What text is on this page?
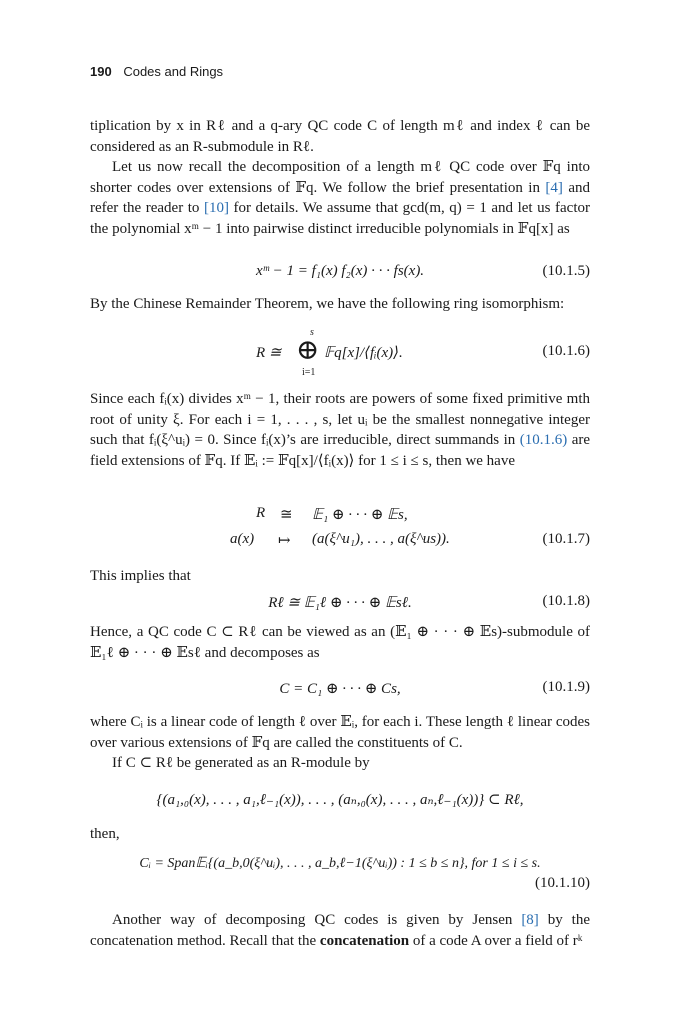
190 Codes and Rings
tiplication by x in Rℓ and a q-ary QC code C of length mℓ and index ℓ can be considered as an R-submodule in Rℓ.
Let us now recall the decomposition of a length mℓ QC code over 𝔽q into shorter codes over extensions of 𝔽q. We follow the brief presentation in [4] and refer the reader to [10] for details. We assume that gcd(m, q) = 1 and let us factor the polynomial xᵐ − 1 into pairwise distinct irreducible polynomials in 𝔽q[x] as
xᵐ − 1 = f₁(x) f₂(x) · · · fs(x).	(10.1.5)
By the Chinese Remainder Theorem, we have the following ring isomorphism:
R ≅
s
⊕
i=1
𝔽q[x]/⟨fᵢ(x)⟩.	(10.1.6)
Since each fᵢ(x) divides xᵐ − 1, their roots are powers of some fixed primitive mth root of unity ξ. For each i = 1, . . . , s, let uᵢ be the smallest nonnegative integer such that fᵢ(ξ^uᵢ) = 0. Since fᵢ(x)’s are irreducible, direct summands in (10.1.6) are field extensions of 𝔽q. If 𝔼ᵢ := 𝔽q[x]/⟨fᵢ(x)⟩ for 1 ≤ i ≤ s, then we have
R ≅ 𝔼₁ ⊕ · · · ⊕ 𝔼s,
a(x) ↦ (a(ξ^u₁), . . . , a(ξ^us)).	(10.1.7)
This implies that
Rℓ ≅ 𝔼₁ℓ ⊕ · · · ⊕ 𝔼sℓ.	(10.1.8)
Hence, a QC code C ⊂ Rℓ can be viewed as an (𝔼₁ ⊕ · · · ⊕ 𝔼s)-submodule of 𝔼₁ℓ ⊕ · · · ⊕ 𝔼sℓ and decomposes as
C = C₁ ⊕ · · · ⊕ Cs,	(10.1.9)
where Cᵢ is a linear code of length ℓ over 𝔼ᵢ, for each i. These length ℓ linear codes over various extensions of 𝔽q are called the constituents of C.
If C ⊂ Rℓ be generated as an R-module by
{(a₁,₀(x), . . . , a₁,ℓ₋₁(x)), . . . , (aₙ,₀(x), . . . , aₙ,ℓ₋₁(x))} ⊂ Rℓ,
then,
Cᵢ = Span𝔼ᵢ{(a_b,0(ξ^uᵢ), . . . , a_b,ℓ−1(ξ^uᵢ)) : 1 ≤ b ≤ n}, for 1 ≤ i ≤ s.
(10.1.10)
Another way of decomposing QC codes is given by Jensen [8] by the concatenation method. Recall that the concatenation of a code A over a field of rᵏ
